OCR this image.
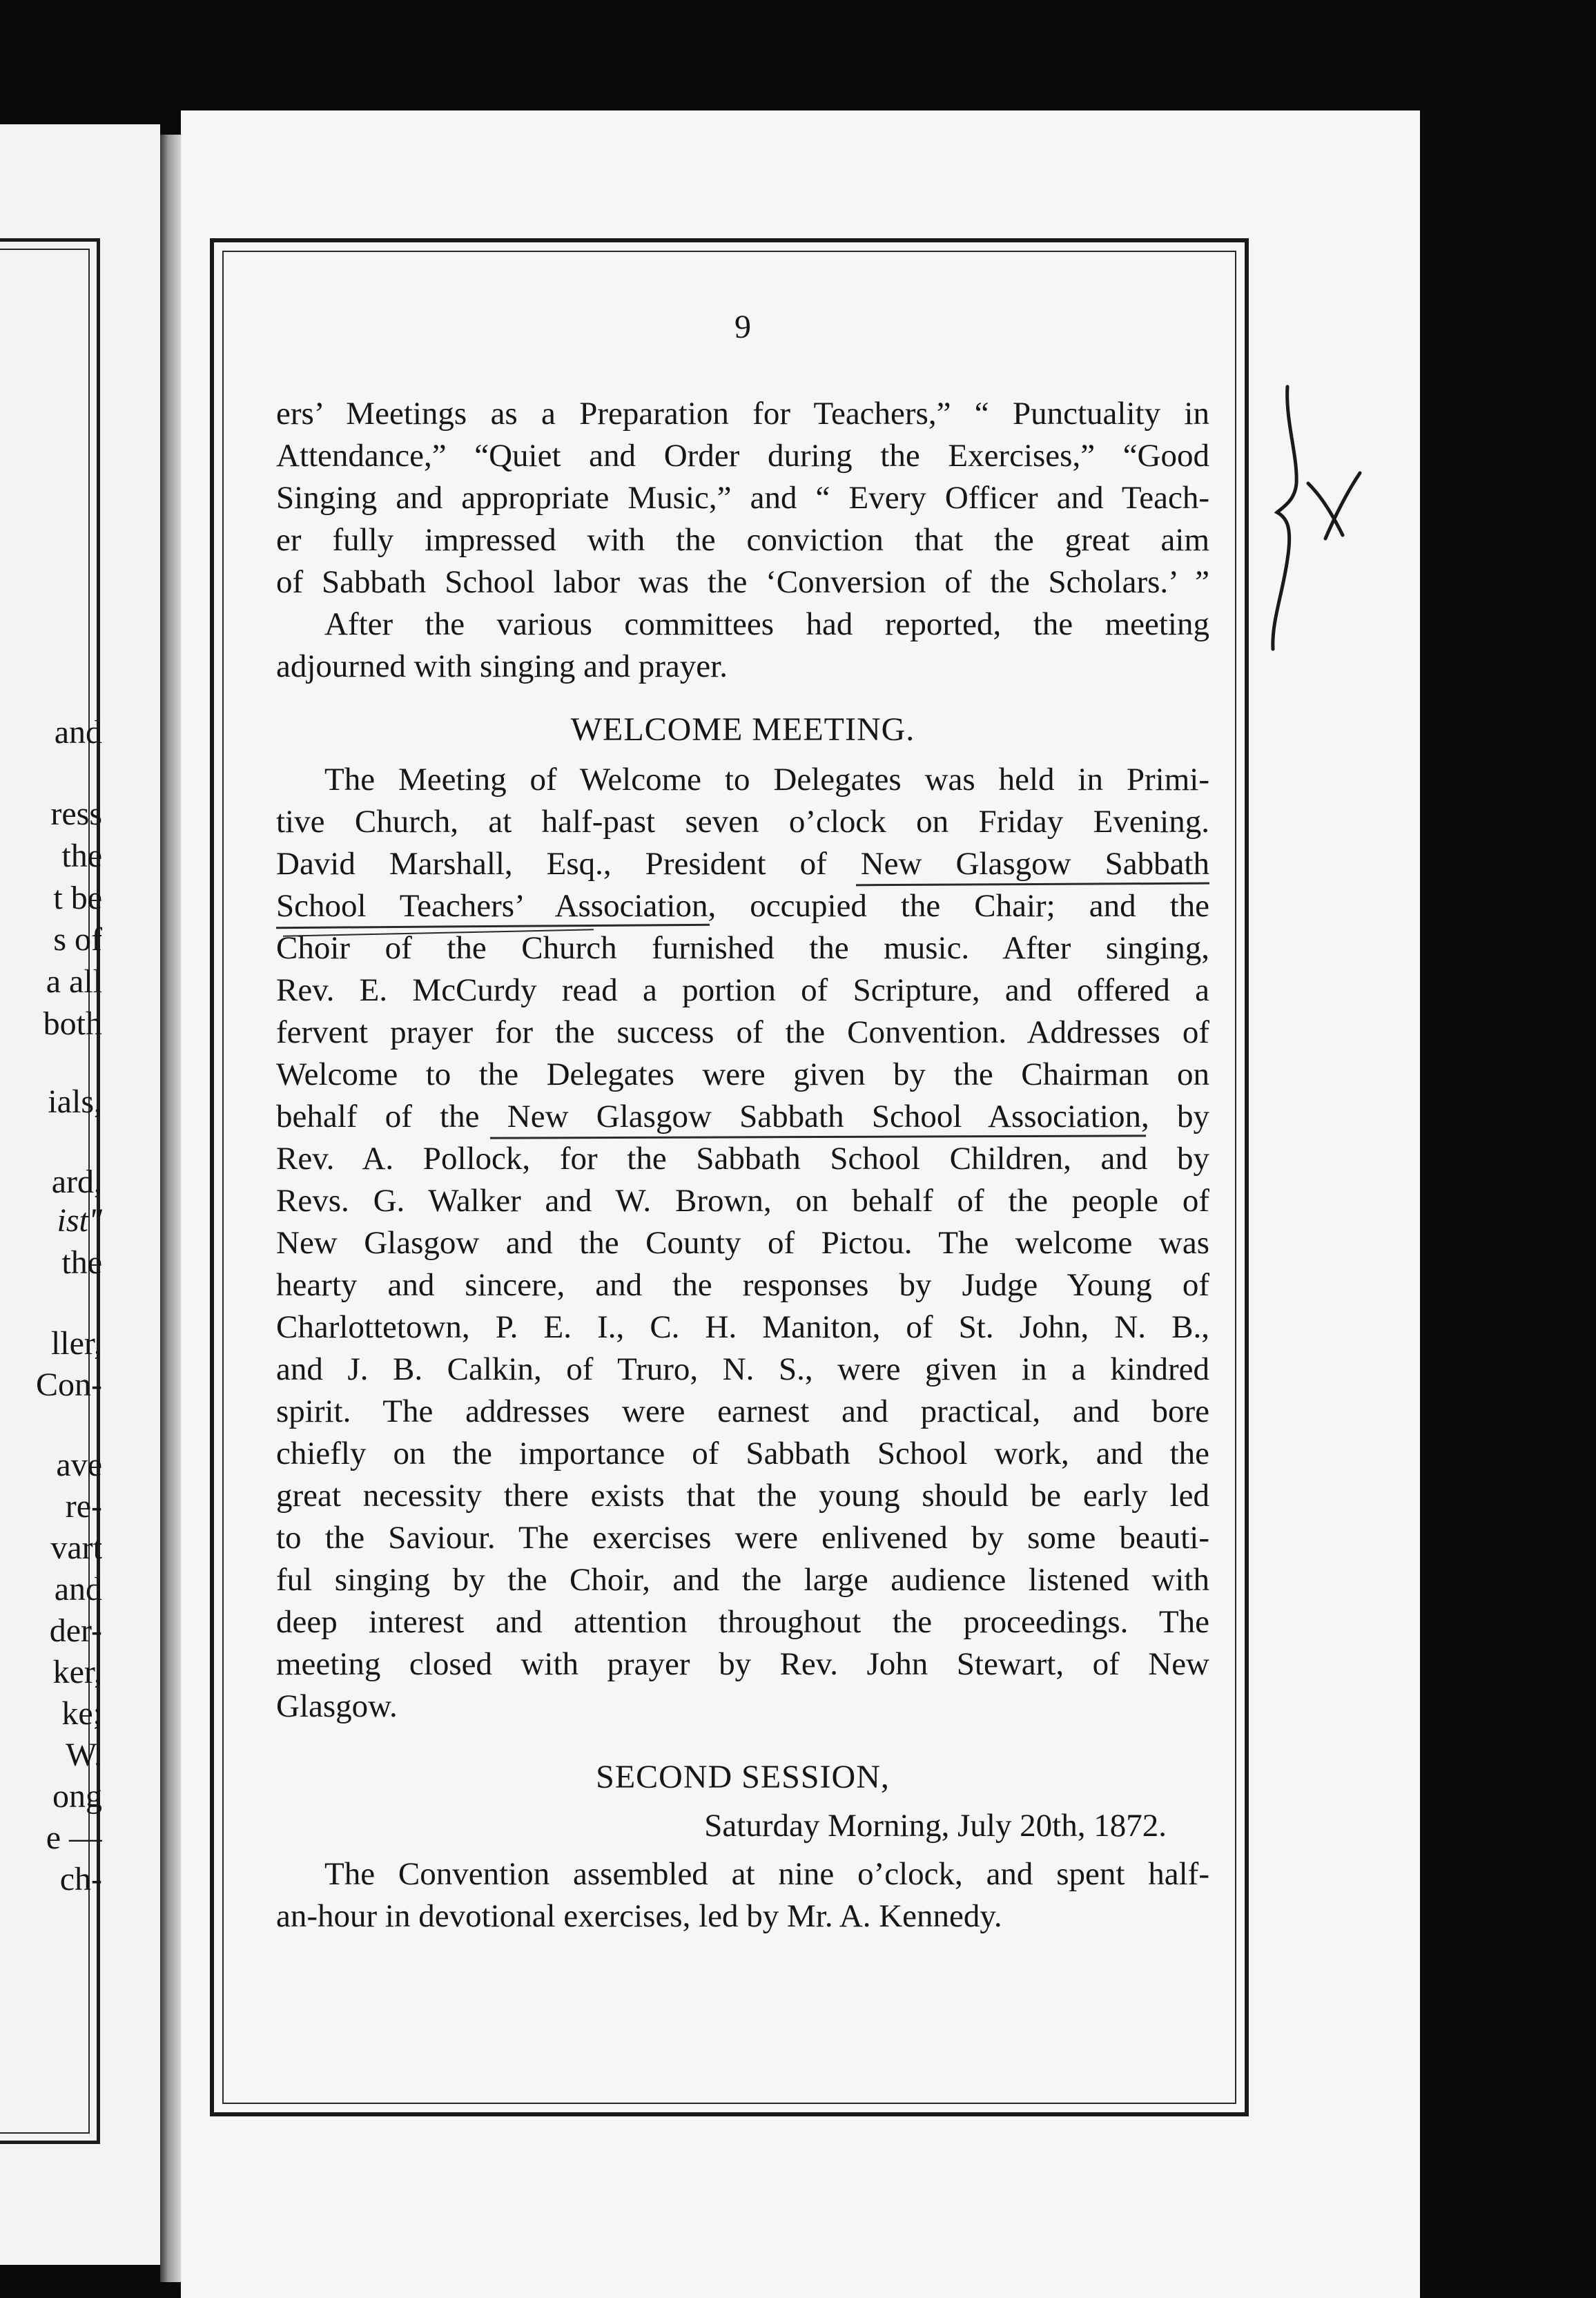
and
ress
the
t be
s of
a all
both
ials,
ard,
ist"
the
ller,
Con-
ave
re-
vart
and
der-
ker,
ke;
W.
ong
e —
ch-
9
ers’ Meetings as a Preparation for Teachers,” “ Punctuality in
Attendance,” “Quiet and Order during the Exercises,” “Good
Singing and appropriate Music,” and “ Every Officer and Teach-
er fully impressed with the conviction that the great aim
of Sabbath School labor was the ‘Conversion of the Scholars.’ ”
After the various committees had reported, the meeting
adjourned with singing and prayer.
WELCOME MEETING.
The Meeting of Welcome to Delegates was held in Primi-
tive Church, at half-past seven o’clock on Friday Evening.
David Marshall, Esq., President of New Glasgow Sabbath
School Teachers’ Association, occupied the Chair; and the
Choir of the Church furnished the music. After singing,
Rev. E. McCurdy read a portion of Scripture, and offered a
fervent prayer for the success of the Convention. Addresses of
Welcome to the Delegates were given by the Chairman on
behalf of the New Glasgow Sabbath School Association, by
Rev. A. Pollock, for the Sabbath School Children, and by
Revs. G. Walker and W. Brown, on behalf of the people of
New Glasgow and the County of Pictou. The welcome was
hearty and sincere, and the responses by Judge Young of
Charlottetown, P. E. I., C. H. Maniton, of St. John, N. B.,
and J. B. Calkin, of Truro, N. S., were given in a kindred
spirit. The addresses were earnest and practical, and bore
chiefly on the importance of Sabbath School work, and the
great necessity there exists that the young should be early led
to the Saviour. The exercises were enlivened by some beauti-
ful singing by the Choir, and the large audience listened with
deep interest and attention throughout the proceedings. The
meeting closed with prayer by Rev. John Stewart, of New
Glasgow.
SECOND SESSION,
Saturday Morning, July 20th, 1872.
The Convention assembled at nine o’clock, and spent half-
an-hour in devotional exercises, led by Mr. A. Kennedy.
